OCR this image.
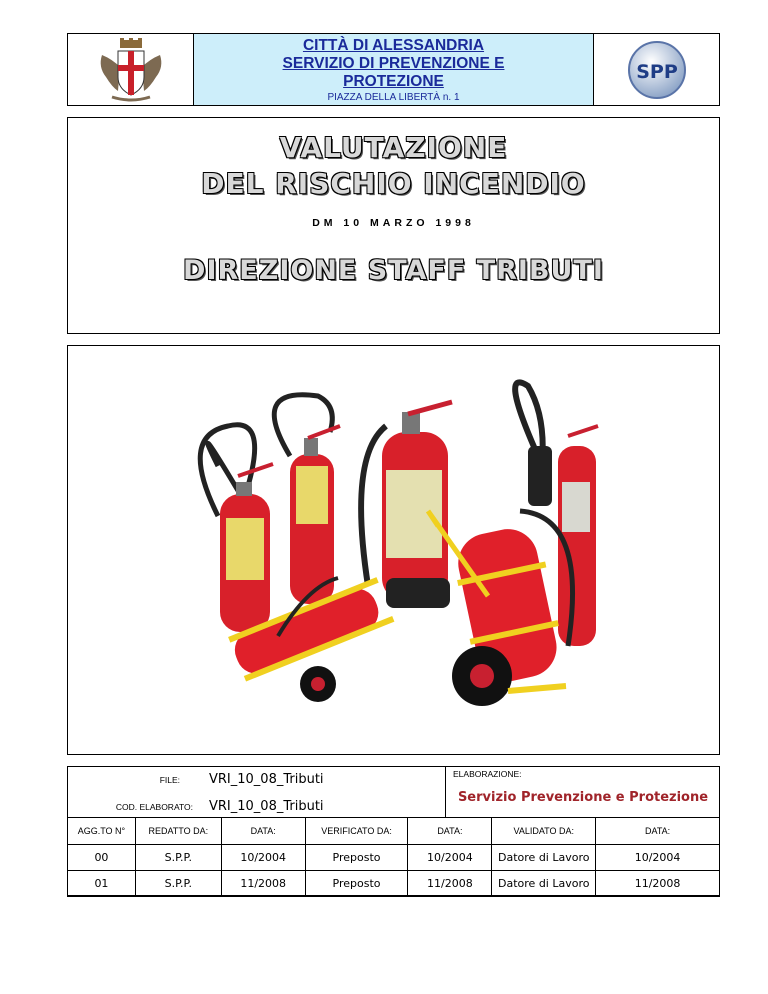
CITTÀ DI ALESSANDRIA
SERVIZIO DI PREVENZIONE E
PROTEZIONE
PIAZZA DELLA LIBERTÀ n. 1
SPP
VALUTAZIONE
DEL RISCHIO INCENDIO
DM 10 MARZO 1998
DIREZIONE STAFF TRIBUTI
FILE: VRI_10_08_Tributi
COD. ELABORATO: VRI_10_08_Tributi
ELABORAZIONE:
Servizio Prevenzione e Protezione
AGG.TO N°	REDATTO DA:	DATA:	VERIFICATO DA:	DATA:	VALIDATO DA:	DATA:
00	S.P.P.	10/2004	Preposto	10/2004	Datore di Lavoro	10/2004
01	S.P.P.	11/2008	Preposto	11/2008	Datore di Lavoro	11/2008
